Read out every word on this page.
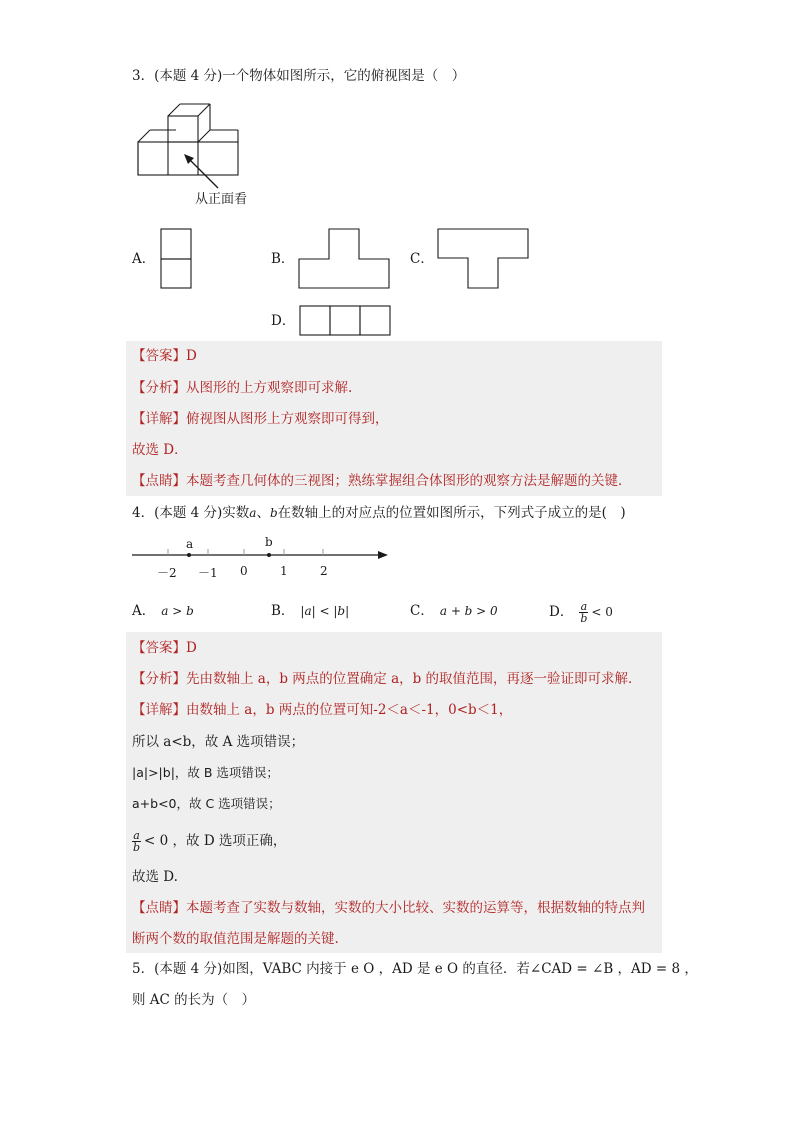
3．(本题 4 分)一个物体如图所示，它的俯视图是（　）
从正面看
A．	B．	C．
D．
【答案】D
【分析】从图形的上方观察即可求解.
【详解】俯视图从图形上方观察即可得到，
故选 D．
【点睛】本题考查几何体的三视图；熟练掌握组合体图形的观察方法是解题的关键．
4．(本题 4 分)实数a、b在数轴上的对应点的位置如图所示，下列式子成立的是(　)
a	b
－2 －1 0	1	2
A． a > b	B． |a| < |b|	C． a + b > 0	D． $\frac{a}{b} < 0$
【答案】D
【分析】先由数轴上 a，b 两点的位置确定 a，b 的取值范围，再逐一验证即可求解．
【详解】由数轴上 a，b 两点的位置可知-2＜a＜-1，0<b＜1，
所以 a<b，故 A 选项错误；
|a|>|b|，故 B 选项错误；
a+b<0，故 C 选项错误；
$\frac{a}{b} < 0$ ，故 D 选项正确，
故选 D.
【点睛】本题考查了实数与数轴，实数的大小比较、实数的运算等，根据数轴的特点判
断两个数的取值范围是解题的关键.
5．(本题 4 分)如图，VABC 内接于 e O ，AD 是 e O 的直径．若∠CAD = ∠B ，AD = 8 ，
则 AC 的长为（　）
